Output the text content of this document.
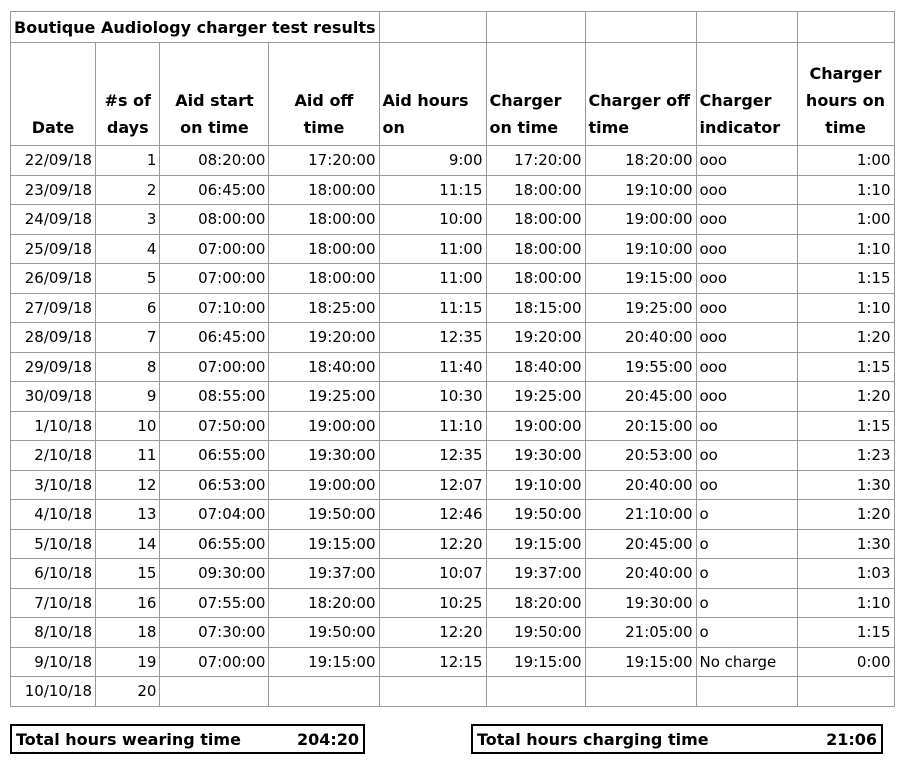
Boutique Audiology charger test results								
Date	#s of days	Aid start on time	Aid off time	Aid hours on	Charger on time	Charger off time	Charger indicator	Charger hours on time
22/09/18	1	08:20:00	17:20:00	9:00	17:20:00	18:20:00	ooo	1:00
23/09/18	2	06:45:00	18:00:00	11:15	18:00:00	19:10:00	ooo	1:10
24/09/18	3	08:00:00	18:00:00	10:00	18:00:00	19:00:00	ooo	1:00
25/09/18	4	07:00:00	18:00:00	11:00	18:00:00	19:10:00	ooo	1:10
26/09/18	5	07:00:00	18:00:00	11:00	18:00:00	19:15:00	ooo	1:15
27/09/18	6	07:10:00	18:25:00	11:15	18:15:00	19:25:00	ooo	1:10
28/09/18	7	06:45:00	19:20:00	12:35	19:20:00	20:40:00	ooo	1:20
29/09/18	8	07:00:00	18:40:00	11:40	18:40:00	19:55:00	ooo	1:15
30/09/18	9	08:55:00	19:25:00	10:30	19:25:00	20:45:00	ooo	1:20
1/10/18	10	07:50:00	19:00:00	11:10	19:00:00	20:15:00	oo	1:15
2/10/18	11	06:55:00	19:30:00	12:35	19:30:00	20:53:00	oo	1:23
3/10/18	12	06:53:00	19:00:00	12:07	19:10:00	20:40:00	oo	1:30
4/10/18	13	07:04:00	19:50:00	12:46	19:50:00	21:10:00	o	1:20
5/10/18	14	06:55:00	19:15:00	12:20	19:15:00	20:45:00	o	1:30
6/10/18	15	09:30:00	19:37:00	10:07	19:37:00	20:40:00	o	1:03
7/10/18	16	07:55:00	18:20:00	10:25	18:20:00	19:30:00	o	1:10
8/10/18	18	07:30:00	19:50:00	12:20	19:50:00	21:05:00	o	1:15
9/10/18	19	07:00:00	19:15:00	12:15	19:15:00	19:15:00	No charge	0:00
10/10/18	20							
Total hours wearing time	204:20	Total hours charging time	21:06
